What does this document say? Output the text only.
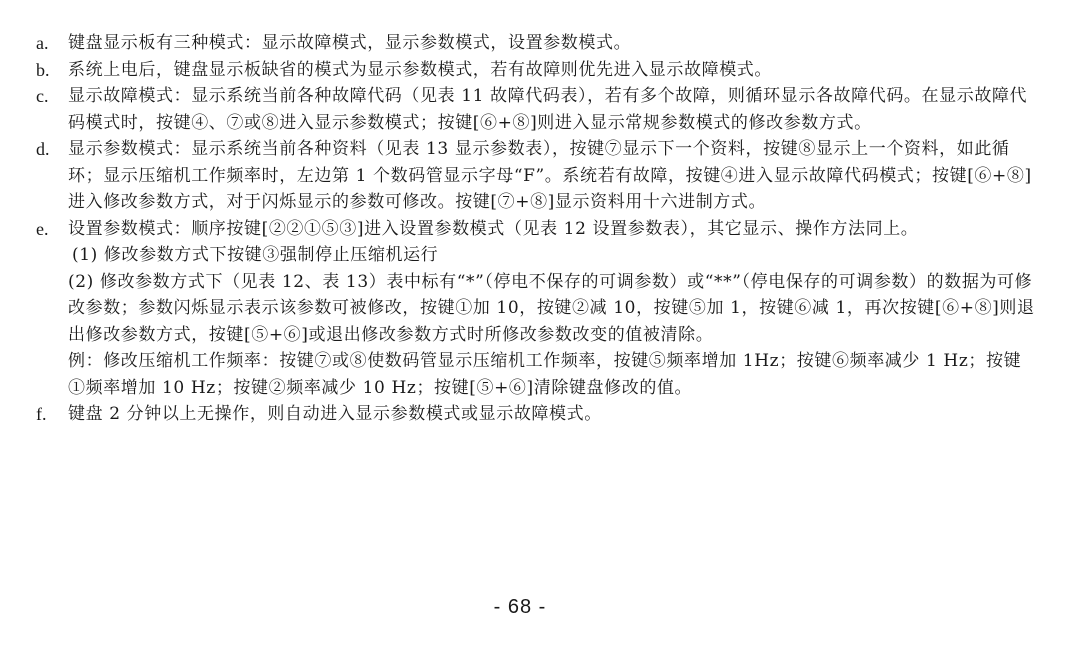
a.	键盘显示板有三种模式：显示故障模式，显示参数模式，设置参数模式。
b.	系统上电后，键盘显示板缺省的模式为显示参数模式，若有故障则优先进入显示故障模式。
c.	显示故障模式：显示系统当前各种故障代码（见表 11 故障代码表），若有多个故障，则循环显示各故障代码。在显示故障代码模式时，按键④、⑦或⑧进入显示参数模式；按键[⑥+⑧]则进入显示常规参数模式的修改参数方式。
d.	显示参数模式：显示系统当前各种资料（见表 13 显示参数表），按键⑦显示下一个资料，按键⑧显示上一个资料，如此循环；显示压缩机工作频率时，左边第 1 个数码管显示字母“F”。系统若有故障，按键④进入显示故障代码模式；按键[⑥+⑧]进入修改参数方式，对于闪烁显示的参数可修改。按键[⑦+⑧]显示资料用十六进制方式。
e.	设置参数模式：顺序按键[②②①⑤③]进入设置参数模式（见表 12 设置参数表），其它显示、操作方法同上。
(1) 修改参数方式下按键③强制停止压缩机运行
(2) 修改参数方式下（见表 12、表 13）表中标有“*”（停电不保存的可调参数）或“**”（停电保存的可调参数）的数据为可修改参数；参数闪烁显示表示该参数可被修改，按键①加 10，按键②减 10，按键⑤加 1，按键⑥减 1，再次按键[⑥+⑧]则退出修改参数方式，按键[⑤+⑥]或退出修改参数方式时所修改参数改变的值被清除。
例：修改压缩机工作频率：按键⑦或⑧使数码管显示压缩机工作频率，按键⑤频率增加 1Hz；按键⑥频率减少 1 Hz；按键①频率增加 10 Hz；按键②频率减少 10 Hz；按键[⑤+⑥]清除键盘修改的值。
f.	键盘 2 分钟以上无操作，则自动进入显示参数模式或显示故障模式。
- 68 -
